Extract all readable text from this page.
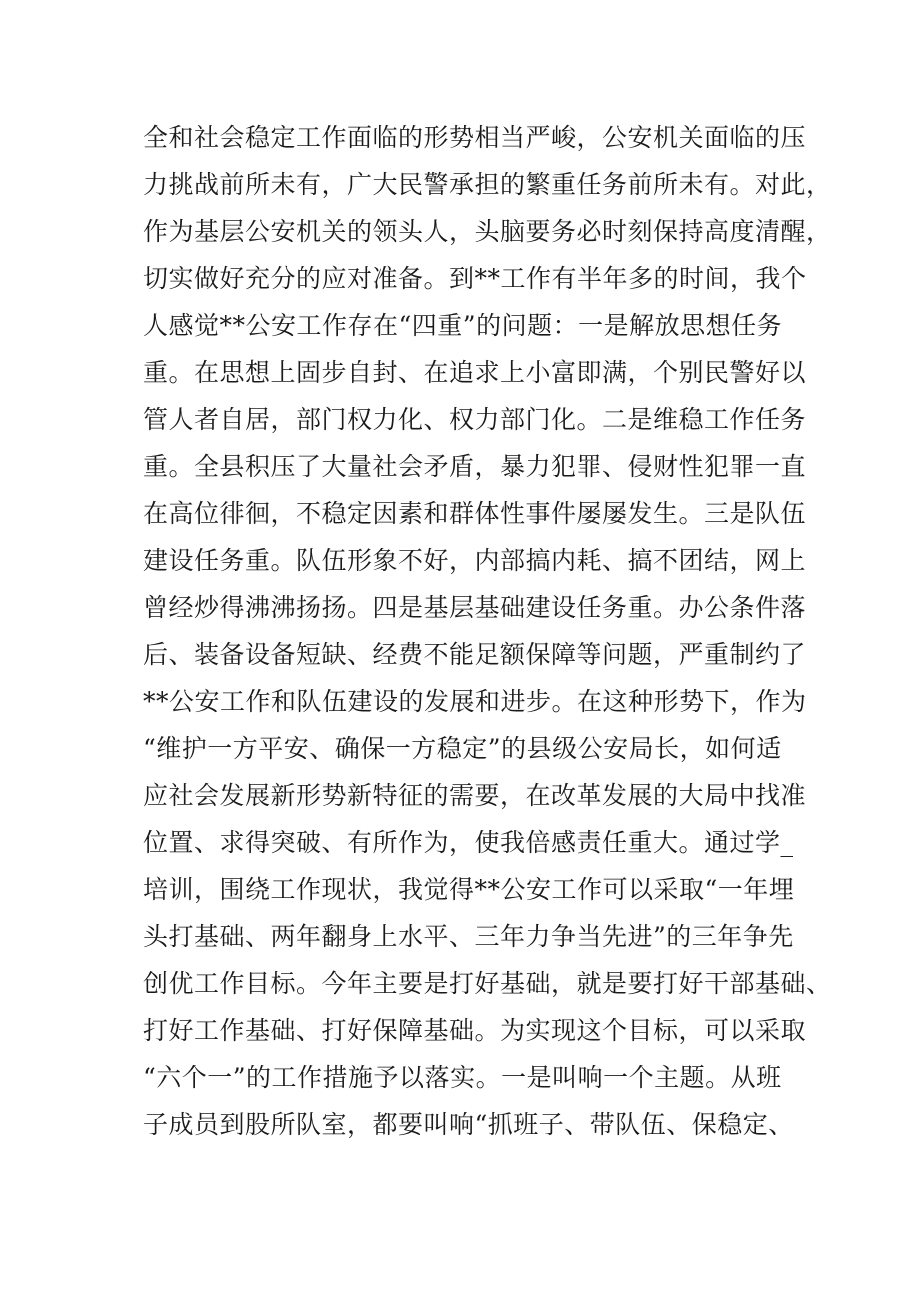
全和社会稳定工作面临的形势相当严峻，公安机关面临的压
力挑战前所未有，广大民警承担的繁重任务前所未有。对此，
作为基层公安机关的领头人，头脑要务必时刻保持高度清醒，
切实做好充分的应对准备。到**工作有半年多的时间，我个
人感觉**公安工作存在“四重”的问题：一是解放思想任务
重。在思想上固步自封、在追求上小富即满，个别民警好以
管人者自居，部门权力化、权力部门化。二是维稳工作任务
重。全县积压了大量社会矛盾，暴力犯罪、侵财性犯罪一直
在高位徘徊，不稳定因素和群体性事件屡屡发生。三是队伍
建设任务重。队伍形象不好，内部搞内耗、搞不团结，网上
曾经炒得沸沸扬扬。四是基层基础建设任务重。办公条件落
后、装备设备短缺、经费不能足额保障等问题，严重制约了
**公安工作和队伍建设的发展和进步。在这种形势下，作为
“维护一方平安、确保一方稳定”的县级公安局长，如何适
应社会发展新形势新特征的需要，在改革发展的大局中找准
位置、求得突破、有所作为，使我倍感责任重大。通过学_
培训，围绕工作现状，我觉得**公安工作可以采取“一年埋
头打基础、两年翻身上水平、三年力争当先进”的三年争先
创优工作目标。今年主要是打好基础，就是要打好干部基础、
打好工作基础、打好保障基础。为实现这个目标，可以采取
“六个一”的工作措施予以落实。一是叫响一个主题。从班
子成员到股所队室，都要叫响“抓班子、带队伍、保稳定、
